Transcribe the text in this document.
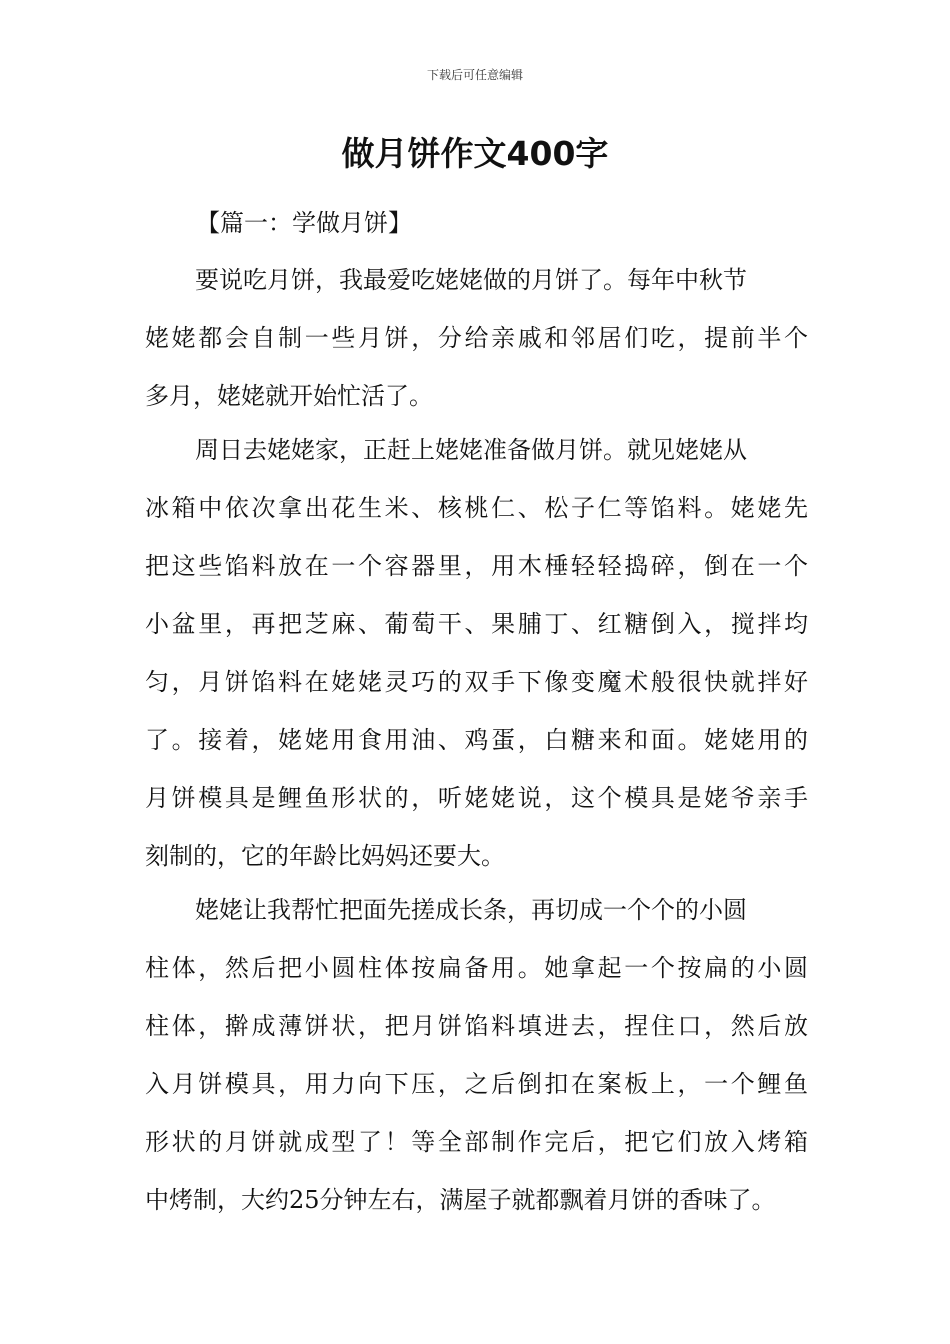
下载后可任意编辑
做月饼作文400字
【篇一：学做月饼】
要说吃月饼，我最爱吃姥姥做的月饼了。每年中秋节
姥 姥 都 会 自 制 一 些 月 饼 ， 分 给 亲 戚 和 邻 居 们 吃 ， 提 前 半 个
多月，姥姥就开始忙活了。
周日去姥姥家，正赶上姥姥准备做月饼。就见姥姥从
冰 箱 中 依 次 拿 出 花 生 米 、 核 桃 仁 、 松 子 仁 等 馅 料 。 姥 姥 先
把 这 些 馅 料 放 在 一 个 容 器 里 ， 用 木 棰 轻 轻 捣 碎 ， 倒 在 一 个
小 盆 里 ， 再 把 芝 麻 、 葡 萄 干 、 果 脯 丁 、 红 糖 倒 入 ， 搅 拌 均
匀 ， 月 饼 馅 料 在 姥 姥 灵 巧 的 双 手 下 像 变 魔 术 般 很 快 就 拌 好
了 。 接 着 ， 姥 姥 用 食 用 油 、 鸡 蛋 ， 白 糖 来 和 面 。 姥 姥 用 的
月 饼 模 具 是 鲤 鱼 形 状 的 ， 听 姥 姥 说 ， 这 个 模 具 是 姥 爷 亲 手
刻制的，它的年龄比妈妈还要大。
姥姥让我帮忙把面先搓成长条，再切成一个个的小圆
柱 体 ， 然 后 把 小 圆 柱 体 按 扁 备 用 。 她 拿 起 一 个 按 扁 的 小 圆
柱 体 ， 擀 成 薄 饼 状 ， 把 月 饼 馅 料 填 进 去 ， 捏 住 口 ， 然 后 放
入 月 饼 模 具 ， 用 力 向 下 压 ， 之 后 倒 扣 在 案 板 上 ， 一 个 鲤 鱼
形 状 的 月 饼 就 成 型 了 ！ 等 全 部 制 作 完 后 ， 把 它 们 放 入 烤 箱
中烤制，大约25分钟左右，满屋子就都飘着月饼的香味了。
